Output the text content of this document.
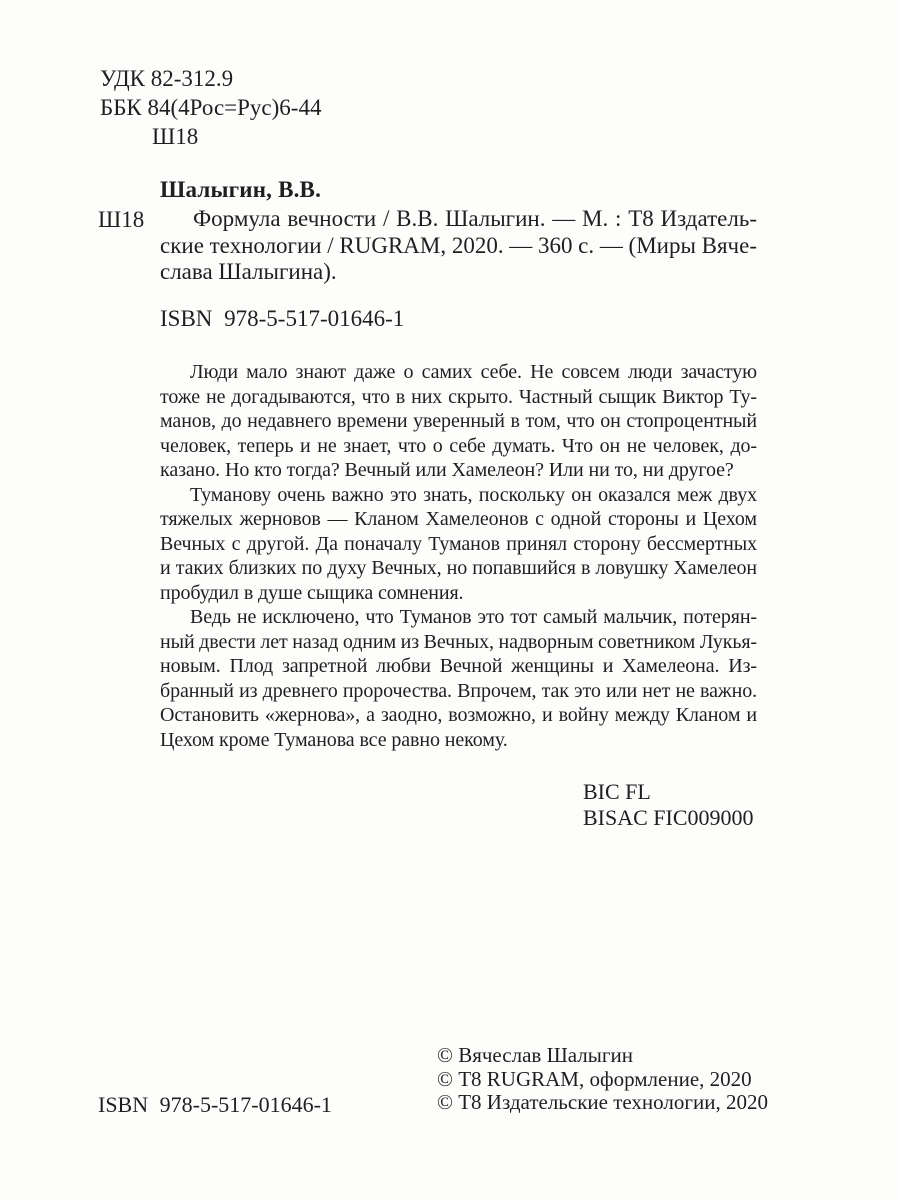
УДК 82-312.9
ББК 84(4Рос=Рус)6-44
Ш18
Шалыгин, В.В.
Ш18	Формула вечности / В.В. Шалыгин. — М. : Т8 Издатель-
ские технологии / RUGRAM, 2020. — 360 с. — (Миры Вяче-
слава Шалыгина).
ISBN 978-5-517-01646-1
Люди мало знают даже о самих себе. Не совсем люди зачастую
тоже не догадываются, что в них скрыто. Частный сыщик Виктор Ту-
манов, до недавнего времени уверенный в том, что он стопроцентный
человек, теперь и не знает, что о себе думать. Что он не человек, до-
казано. Но кто тогда? Вечный или Хамелеон? Или ни то, ни другое?
Туманову очень важно это знать, поскольку он оказался меж двух
тяжелых жерновов — Кланом Хамелеонов с одной стороны и Цехом
Вечных с другой. Да поначалу Туманов принял сторону бессмертных
и таких близких по духу Вечных, но попавшийся в ловушку Хамелеон
пробудил в душе сыщика сомнения.
Ведь не исключено, что Туманов это тот самый мальчик, потерян-
ный двести лет назад одним из Вечных, надворным советником Лукья-
новым. Плод запретной любви Вечной женщины и Хамелеона. Из-
бранный из древнего пророчества. Впрочем, так это или нет не важно.
Остановить «жернова», а заодно, возможно, и войну между Кланом и
Цехом кроме Туманова все равно некому.
BIC FL
BISAC FIC009000
© Вячеслав Шалыгин
© Т8 RUGRAM, оформление, 2020
© Т8 Издательские технологии, 2020
ISBN 978-5-517-01646-1
